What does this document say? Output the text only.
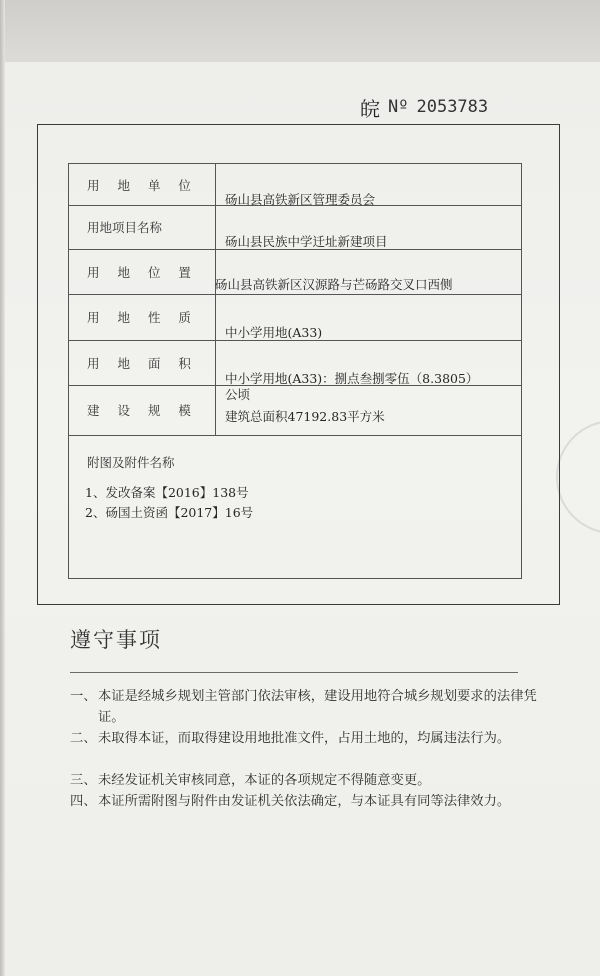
皖 Nº 2053783
用 地 单 位
砀山县高铁新区管理委员会
用地项目名称
砀山县民族中学迁址新建项目
用 地 位 置
砀山县高铁新区汉源路与芒砀路交叉口西侧
用 地 性 质
中小学用地(A33)
用 地 面 积
中小学用地(A33)：捌点叁捌零伍（8.3805）
建 设 规 模
公顷
建筑总面积47192.83平方米
附图及附件名称
1、发改备案【2016】138号
2、砀国土资函【2017】16号
遵守事项
一、 本证是经城乡规划主管部门依法审核，建设用地符合城乡规划要求的法律凭证。
二、 未取得本证，而取得建设用地批准文件，占用土地的，均属违法行为。
三、 未经发证机关审核同意，本证的各项规定不得随意变更。
四、 本证所需附图与附件由发证机关依法确定，与本证具有同等法律效力。
